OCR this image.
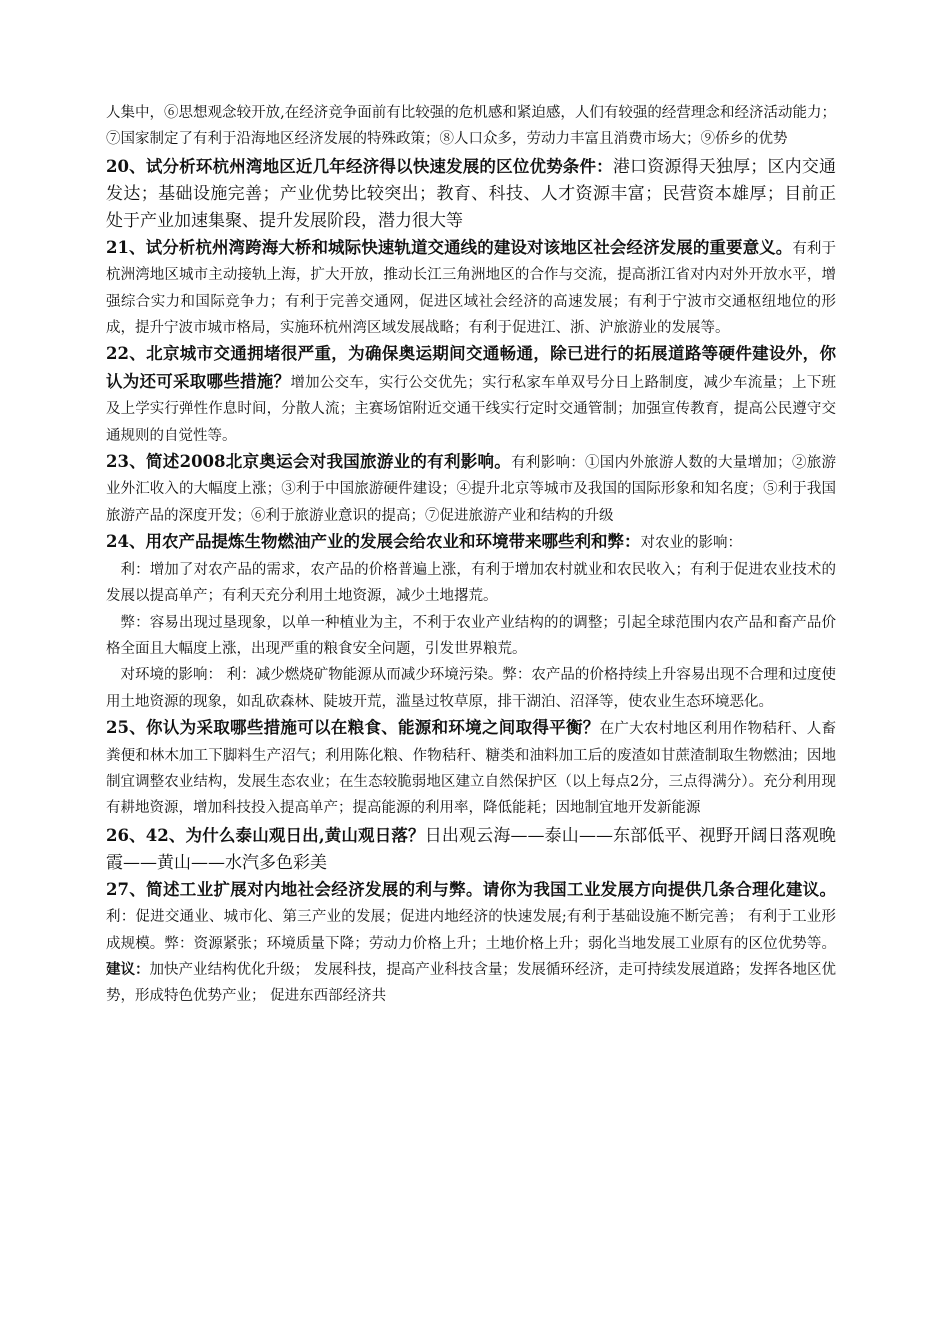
人集中，⑥思想观念较开放,在经济竞争面前有比较强的危机感和紧迫感，人们有较强的经营理念和经济活动能力；⑦国家制定了有利于沿海地区经济发展的特殊政策；⑧人口众多，劳动力丰富且消费市场大；⑨侨乡的优势

20、试分析环杭州湾地区近几年经济得以快速发展的区位优势条件：港口资源得天独厚；区内交通发达；基础设施完善；产业优势比较突出；教育、科技、人才资源丰富；民营资本雄厚；目前正处于产业加速集聚、提升发展阶段，潜力很大等

21、试分析杭州湾跨海大桥和城际快速轨道交通线的建设对该地区社会经济发展的重要意义。有利于杭洲湾地区城市主动接轨上海，扩大开放，推动长江三角洲地区的合作与交流，提高浙江省对内对外开放水平，增强综合实力和国际竞争力；有利于完善交通网，促进区域社会经济的高速发展；有利于宁波市交通枢纽地位的形成，提升宁波市城市格局，实施环杭州湾区域发展战略；有利于促进江、浙、沪旅游业的发展等。

22、北京城市交通拥堵很严重，为确保奥运期间交通畅通，除已进行的拓展道路等硬件建设外，你认为还可采取哪些措施？增加公交车，实行公交优先；实行私家车单双号分日上路制度，减少车流量；上下班及上学实行弹性作息时间，分散人流；主赛场馆附近交通干线实行定时交通管制；加强宣传教育，提高公民遵守交通规则的自觉性等。

23、简述2008北京奥运会对我国旅游业的有利影响。有利影响：①国内外旅游人数的大量增加；②旅游业外汇收入的大幅度上涨；③利于中国旅游硬件建设；④提升北京等城市及我国的国际形象和知名度；⑤利于我国旅游产品的深度开发；⑥利于旅游业意识的提高；⑦促进旅游产业和结构的升级

24、用农产品提炼生物燃油产业的发展会给农业和环境带来哪些利和弊：对农业的影响：

利：增加了对农产品的需求，农产品的价格普遍上涨，有利于增加农村就业和农民收入；有利于促进农业技术的发展以提高单产；有利天充分利用土地资源，减少土地撂荒。

弊：容易出现过垦现象，以单一种植业为主，不利于农业产业结构的的调整；引起全球范围内农产品和畜产品价格全面且大幅度上涨，出现严重的粮食安全问题，引发世界粮荒。

对环境的影响： 利：减少燃烧矿物能源从而减少环境污染。弊：农产品的价格持续上升容易出现不合理和过度使用土地资源的现象，如乱砍森林、陡坡开荒，滥垦过牧草原，排干湖泊、沼泽等，使农业生态环境恶化。

25、你认为采取哪些措施可以在粮食、能源和环境之间取得平衡？在广大农村地区利用作物秸秆、人畜粪便和林木加工下脚料生产沼气；利用陈化粮、作物秸秆、糖类和油料加工后的废渣如甘蔗渣制取生物燃油；因地制宜调整农业结构，发展生态农业；在生态较脆弱地区建立自然保护区（以上每点2分，三点得满分）。充分利用现有耕地资源，增加科技投入提高单产；提高能源的利用率，降低能耗；因地制宜地开发新能源

26、42、为什么泰山观日出,黄山观日落？日出观云海——泰山——东部低平、视野开阔日落观晚霞——黄山——水汽多色彩美

27、简述工业扩展对内地社会经济发展的利与弊。请你为我国工业发展方向提供几条合理化建议。利：促进交通业、城市化、第三产业的发展；促进内地经济的快速发展;有利于基础设施不断完善； 有利于工业形成规模。弊：资源紧张；环境质量下降；劳动力价格上升；土地价格上升；弱化当地发展工业原有的区位优势等。 建议：加快产业结构优化升级； 发展科技，提高产业科技含量；发展循环经济，走可持续发展道路；发挥各地区优势，形成特色优势产业； 促进东西部经济共
